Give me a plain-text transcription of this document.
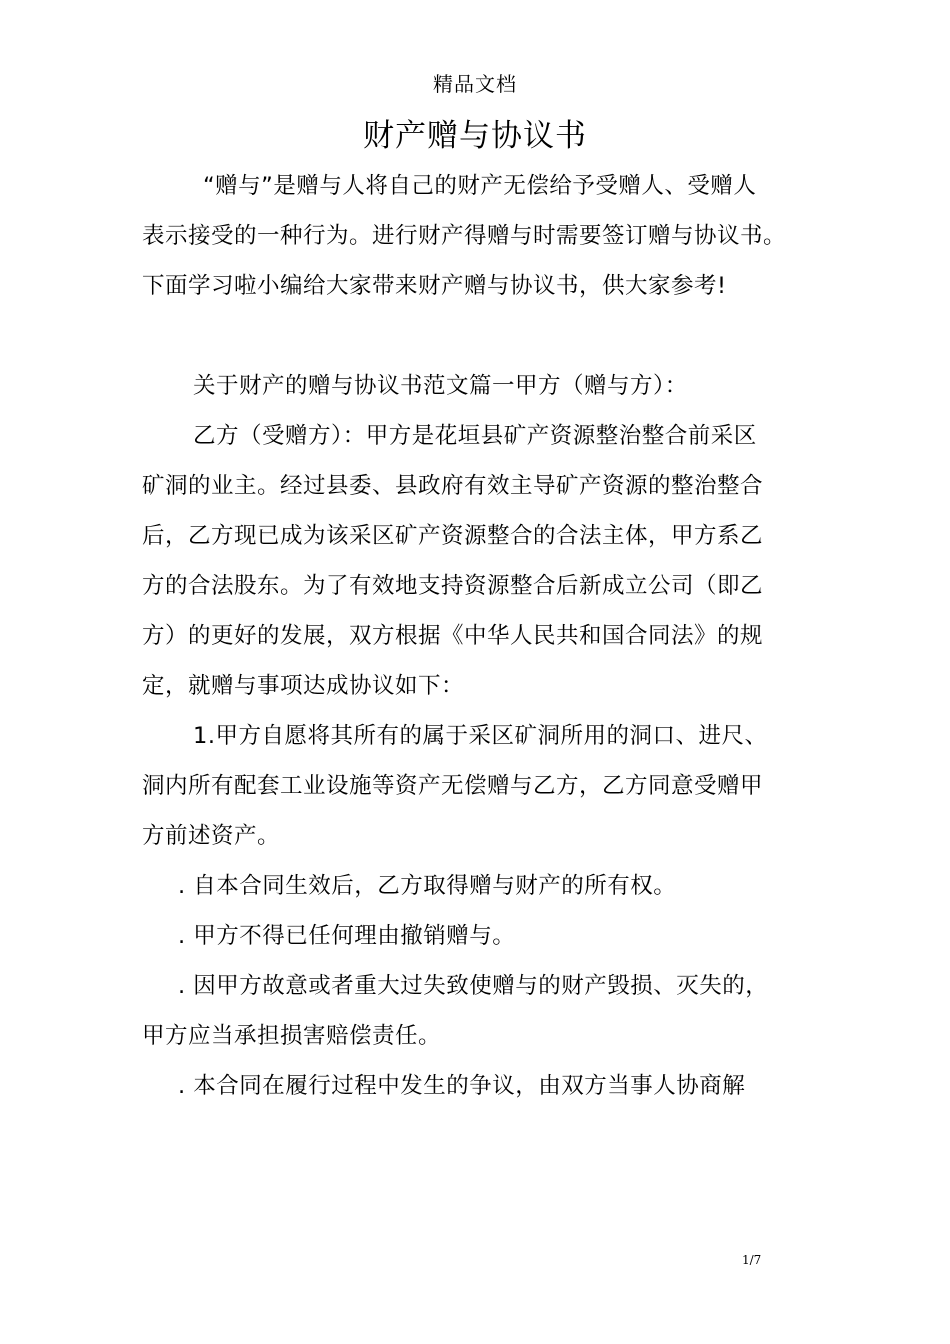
精品文档
财产赠与协议书
“赠与”是赠与人将自己的财产无偿给予受赠人、受赠人
表示接受的一种行为。进行财产得赠与时需要签订赠与协议书。
下面学习啦小编给大家带来财产赠与协议书，供大家参考!
关于财产的赠与协议书范文篇一甲方（赠与方）：
乙方（受赠方）：甲方是花垣县矿产资源整治整合前采区
矿洞的业主。经过县委、县政府有效主导矿产资源的整治整合
后，乙方现已成为该采区矿产资源整合的合法主体，甲方系乙
方的合法股东。为了有效地支持资源整合后新成立公司（即乙
方）的更好的发展，双方根据《中华人民共和国合同法》的规
定，就赠与事项达成协议如下：
1.甲方自愿将其所有的属于采区矿洞所用的洞口、进尺、
洞内所有配套工业设施等资产无偿赠与乙方，乙方同意受赠甲
方前述资产。
. 自本合同生效后，乙方取得赠与财产的所有权。
. 甲方不得已任何理由撤销赠与。
. 因甲方故意或者重大过失致使赠与的财产毁损、灭失的，
甲方应当承担损害赔偿责任。
. 本合同在履行过程中发生的争议，由双方当事人协商解
1/7
